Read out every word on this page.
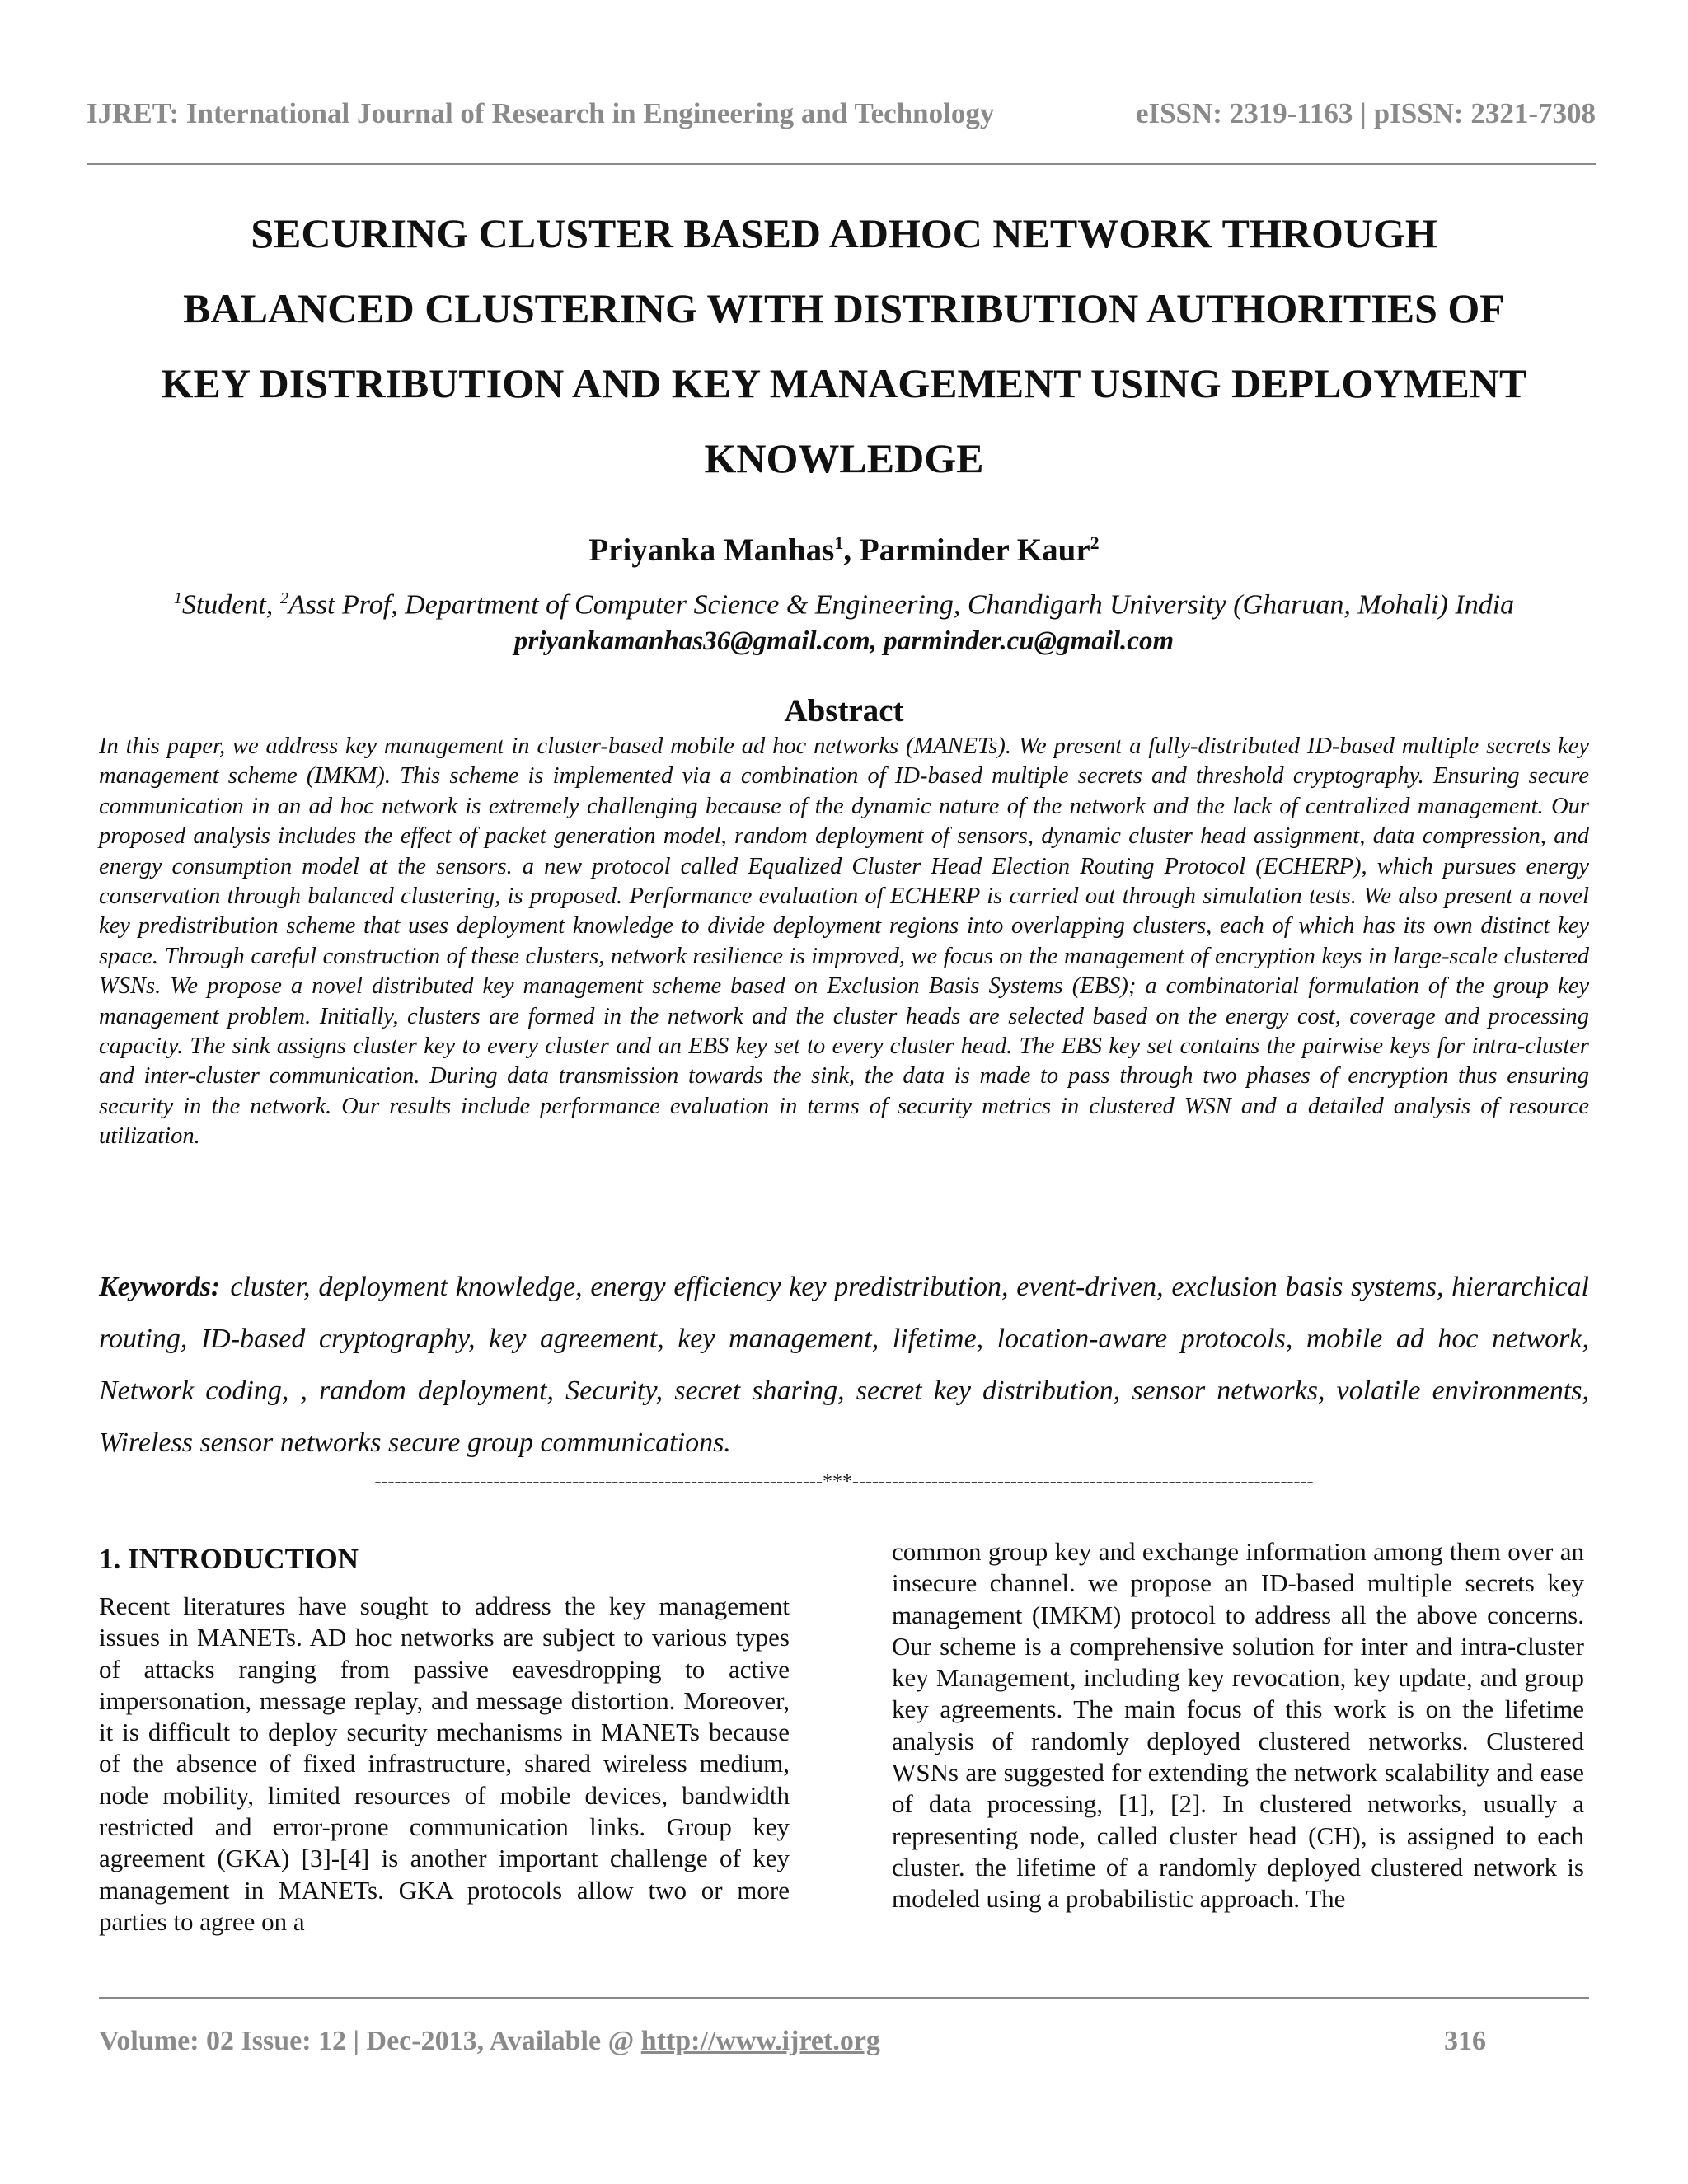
IJRET: International Journal of Research in Engineering and Technology	eISSN: 2319-1163 | pISSN: 2321-7308
SECURING CLUSTER BASED ADHOC NETWORK THROUGH
BALANCED CLUSTERING WITH DISTRIBUTION AUTHORITIES OF
KEY DISTRIBUTION AND KEY MANAGEMENT USING DEPLOYMENT
KNOWLEDGE
Priyanka Manhas$^1$, Parminder Kaur$^2$
$^1$Student, $^2$Asst Prof, Department of Computer Science & Engineering, Chandigarh University (Gharuan, Mohali) India
priyankamanhas36@gmail.com, parminder.cu@gmail.com
Abstract

In this paper, we address key management in cluster-based mobile ad hoc networks (MANETs). We present a fully-distributed ID-based multiple secrets key management scheme (IMKM). This scheme is implemented via a combination of ID-based multiple secrets and threshold cryptography. Ensuring secure communication in an ad hoc network is extremely challenging because of the dynamic nature of the network and the lack of centralized management. Our proposed analysis includes the effect of packet generation model, random deployment of sensors, dynamic cluster head assignment, data compression, and energy consumption model at the sensors. a new protocol called Equalized Cluster Head Election Routing Protocol (ECHERP), which pursues energy conservation through balanced clustering, is proposed. Performance evaluation of ECHERP is carried out through simulation tests. We also present a novel key predistribution scheme that uses deployment knowledge to divide deployment regions into overlapping clusters, each of which has its own distinct key space. Through careful construction of these clusters, network resilience is improved, we focus on the management of encryption keys in large-scale clustered WSNs. We propose a novel distributed key management scheme based on Exclusion Basis Systems (EBS); a combinatorial formulation of the group key management problem. Initially, clusters are formed in the network and the cluster heads are selected based on the energy cost, coverage and processing capacity. The sink assigns cluster key to every cluster and an EBS key set to every cluster head. The EBS key set contains the pairwise keys for intra-cluster and inter-cluster communication. During data transmission towards the sink, the data is made to pass through two phases of encryption thus ensuring security in the network. Our results include performance evaluation in terms of security metrics in clustered WSN and a detailed analysis of resource utilization.

Keywords: cluster, deployment knowledge, energy efficiency key predistribution, event-driven, exclusion basis systems, hierarchical routing, ID-based cryptography, key agreement, key management, lifetime, location-aware protocols, mobile ad hoc network, Network coding, , random deployment, Security, secret sharing, secret key distribution, sensor networks, volatile environments, Wireless sensor networks secure group communications.

--------------------------------------------------------------------***----------------------------------------------------------------------
1. INTRODUCTION

Recent literatures have sought to address the key management issues in MANETs. AD hoc networks are subject to various types of attacks ranging from passive eavesdropping to active impersonation, message replay, and message distortion. Moreover, it is difficult to deploy security mechanisms in MANETs because of the absence of fixed infrastructure, shared wireless medium, node mobility, limited resources of mobile devices, bandwidth restricted and error-prone communication links. Group key agreement (GKA) [3]-[4] is another important challenge of key management in MANETs. GKA protocols allow two or more parties to agree on a

common group key and exchange information among them over an insecure channel. we propose an ID-based multiple secrets key management (IMKM) protocol to address all the above concerns. Our scheme is a comprehensive solution for inter and intra-cluster key Management, including key revocation, key update, and group key agreements. The main focus of this work is on the lifetime analysis of randomly deployed clustered networks. Clustered WSNs are suggested for extending the network scalability and ease of data processing, [1], [2]. In clustered networks, usually a representing node, called cluster head (CH), is assigned to each cluster. the lifetime of a randomly deployed clustered network is modeled using a probabilistic approach. The

Volume: 02 Issue: 12 | Dec-2013, Available @ http://www.ijret.org	316
